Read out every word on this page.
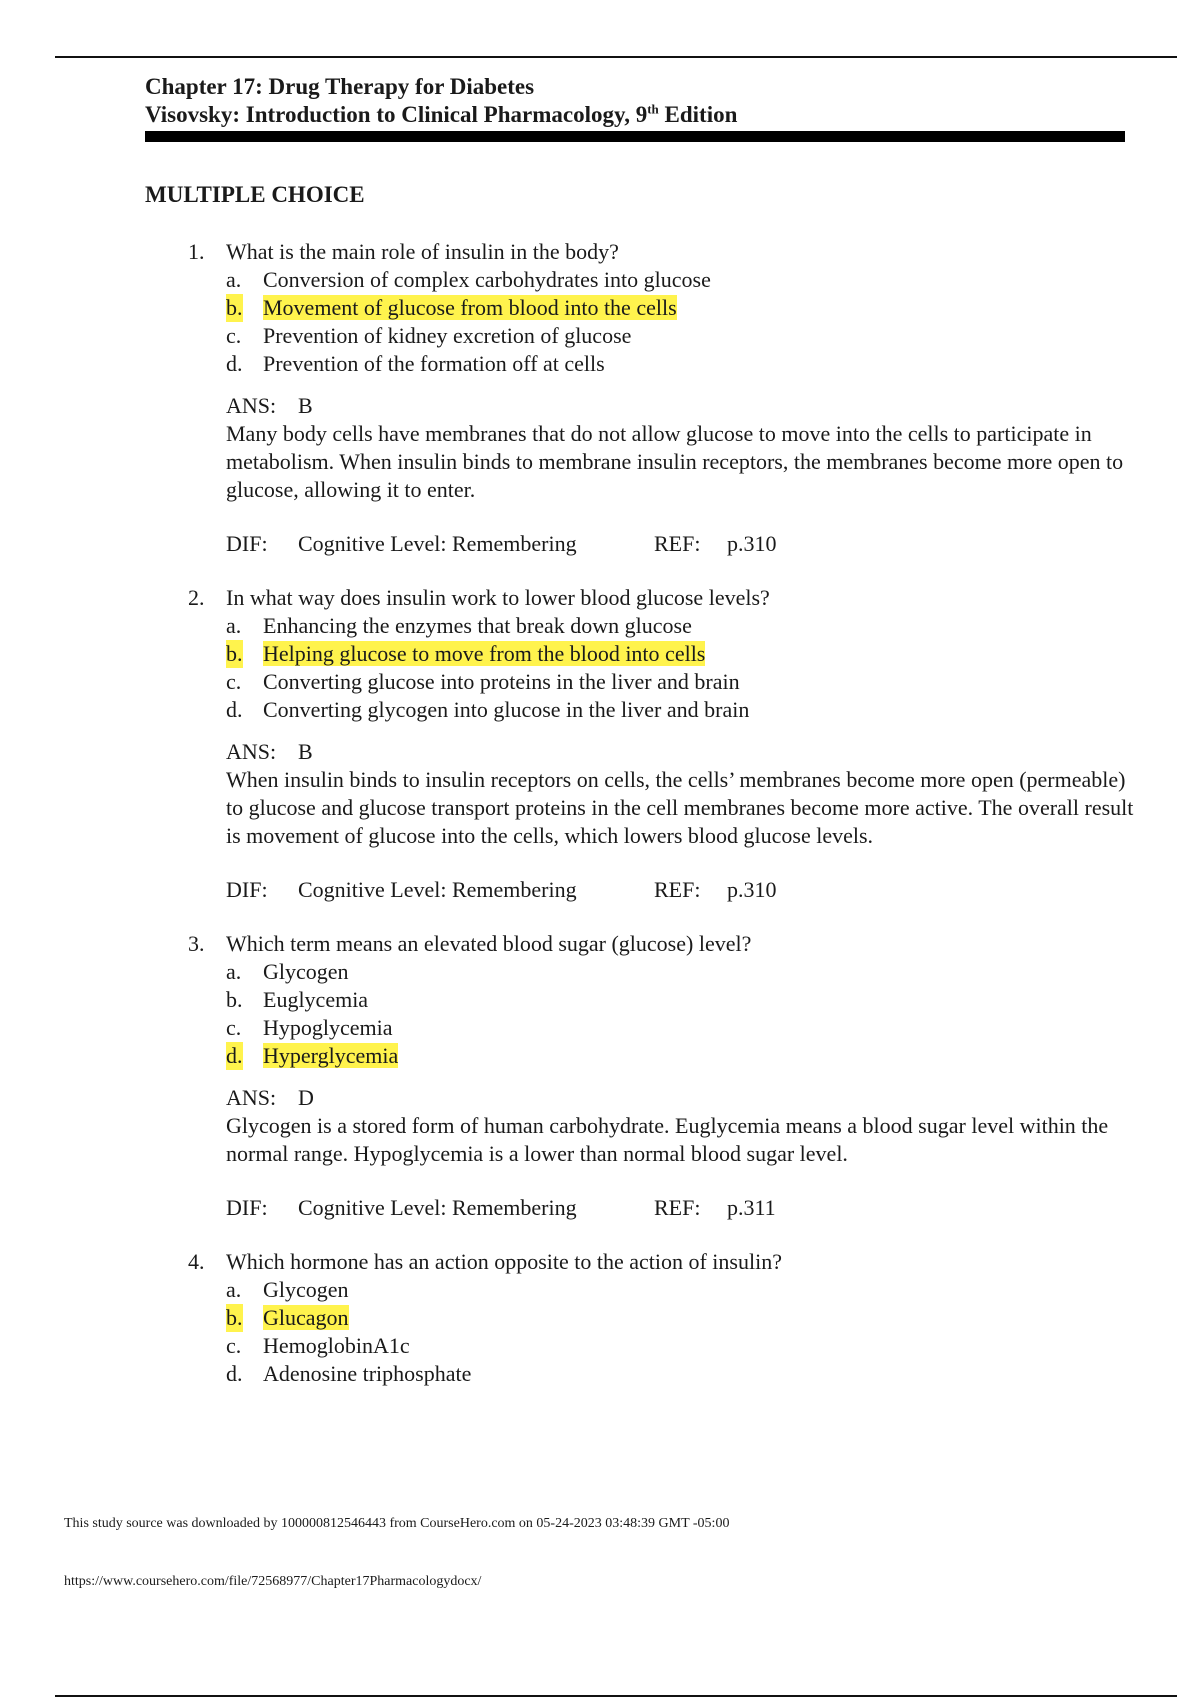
Chapter 17: Drug Therapy for Diabetes
Visovsky: Introduction to Clinical Pharmacology, 9th Edition
MULTIPLE CHOICE
1. What is the main role of insulin in the body?
a. Conversion of complex carbohydrates into glucose
b. Movement of glucose from blood into the cells
c. Prevention of kidney excretion of glucose
d. Prevention of the formation off at cells
ANS: B
Many body cells have membranes that do not allow glucose to move into the cells to participate in metabolism. When insulin binds to membrane insulin receptors, the membranes become more open to glucose, allowing it to enter.
DIF: Cognitive Level: Remembering	REF: p.310
2. In what way does insulin work to lower blood glucose levels?
a. Enhancing the enzymes that break down glucose
b. Helping glucose to move from the blood into cells
c. Converting glucose into proteins in the liver and brain
d. Converting glycogen into glucose in the liver and brain
ANS: B
When insulin binds to insulin receptors on cells, the cells’ membranes become more open (permeable) to glucose and glucose transport proteins in the cell membranes become more active. The overall result is movement of glucose into the cells, which lowers blood glucose levels.
DIF: Cognitive Level: Remembering	REF: p.310
3. Which term means an elevated blood sugar (glucose) level?
a. Glycogen
b. Euglycemia
c. Hypoglycemia
d. Hyperglycemia
ANS: D
Glycogen is a stored form of human carbohydrate. Euglycemia means a blood sugar level within the normal range. Hypoglycemia is a lower than normal blood sugar level.
DIF: Cognitive Level: Remembering	REF: p.311
4. Which hormone has an action opposite to the action of insulin?
a. Glycogen
b. Glucagon
c. HemoglobinA1c
d. Adenosine triphosphate
This study source was downloaded by 100000812546443 from CourseHero.com on 05-24-2023 03:48:39 GMT -05:00
https://www.coursehero.com/file/72568977/Chapter17Pharmacologydocx/
